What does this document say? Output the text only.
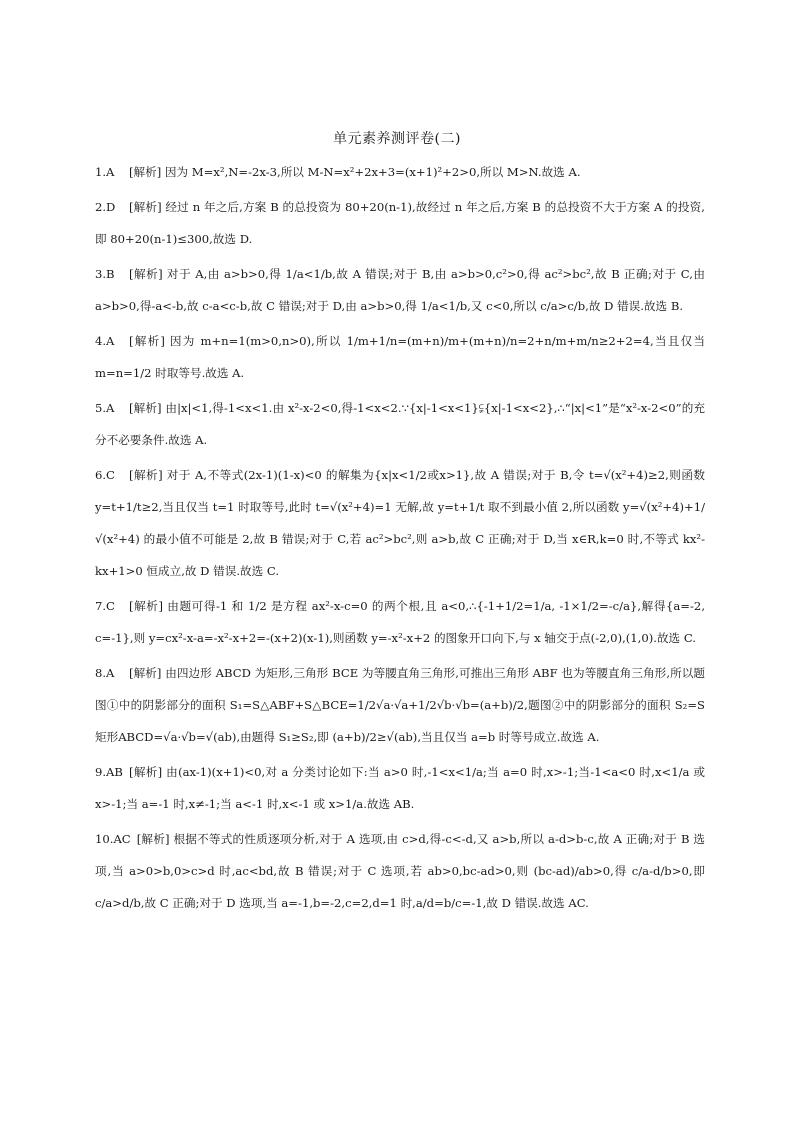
单元素养测评卷(二)

1.A [解析] 因为 M=x²,N=-2x-3,所以 M-N=x²+2x+3=(x+1)²+2>0,所以 M>N.故选 A.

2.D [解析] 经过 n 年之后,方案 B 的总投资为 80+20(n-1),故经过 n 年之后,方案 B 的总投资不大于方案 A 的投资,即 80+20(n-1)≤300,故选 D.

3.B [解析] 对于 A,由 a>b>0,得 1/a<1/b,故 A 错误;对于 B,由 a>b>0,c²>0,得 ac²>bc²,故 B 正确;对于 C,由 a>b>0,得-a<-b,故 c-a<c-b,故 C 错误;对于 D,由 a>b>0,得 1/a<1/b,又 c<0,所以 c/a>c/b,故 D 错误.故选 B.

4.A [解析] 因为 m+n=1(m>0,n>0),所以 1/m+1/n=(m+n)/m+(m+n)/n=2+n/m+m/n≥2+2=4,当且仅当 m=n=1/2 时取等号.故选 A.

5.A [解析] 由|x|<1,得-1<x<1.由 x²-x-2<0,得-1<x<2.∵{x|-1<x<1}⫋{x|-1<x<2},∴“|x|<1”是“x²-x-2<0”的充分不必要条件.故选 A.

6.C [解析] 对于 A,不等式(2x-1)(1-x)<0 的解集为{x|x<1/2或x>1},故 A 错误;对于 B,令 t=√(x²+4)≥2,则函数 y=t+1/t≥2,当且仅当 t=1 时取等号,此时 t=√(x²+4)=1 无解,故 y=t+1/t 取不到最小值 2,所以函数 y=√(x²+4)+1/√(x²+4) 的最小值不可能是 2,故 B 错误;对于 C,若 ac²>bc²,则 a>b,故 C 正确;对于 D,当 x∈R,k=0 时,不等式 kx²-kx+1>0 恒成立,故 D 错误.故选 C.

7.C [解析] 由题可得-1 和 1/2 是方程 ax²-x-c=0 的两个根,且 a<0,∴{-1+1/2=1/a, -1×1/2=-c/a},解得{a=-2, c=-1},则 y=cx²-x-a=-x²-x+2=-(x+2)(x-1),则函数 y=-x²-x+2 的图象开口向下,与 x 轴交于点(-2,0),(1,0).故选 C.

8.A [解析] 由四边形 ABCD 为矩形,三角形 BCE 为等腰直角三角形,可推出三角形 ABF 也为等腰直角三角形,所以题图①中的阴影部分的面积 S₁=S△ABF+S△BCE=1/2√a·√a+1/2√b·√b=(a+b)/2,题图②中的阴影部分的面积 S₂=S矩形ABCD=√a·√b=√(ab),由题得 S₁≥S₂,即 (a+b)/2≥√(ab),当且仅当 a=b 时等号成立.故选 A.

9.AB [解析] 由(ax-1)(x+1)<0,对 a 分类讨论如下:当 a>0 时,-1<x<1/a;当 a=0 时,x>-1;当-1<a<0 时,x<1/a 或 x>-1;当 a=-1 时,x≠-1;当 a<-1 时,x<-1 或 x>1/a.故选 AB.

10.AC [解析] 根据不等式的性质逐项分析,对于 A 选项,由 c>d,得-c<-d,又 a>b,所以 a-d>b-c,故 A 正确;对于 B 选项,当 a>0>b,0>c>d 时,ac<bd,故 B 错误;对于 C 选项,若 ab>0,bc-ad>0,则 (bc-ad)/ab>0,得 c/a-d/b>0,即 c/a>d/b,故 C 正确;对于 D 选项,当 a=-1,b=-2,c=2,d=1 时,a/d=b/c=-1,故 D 错误.故选 AC.
